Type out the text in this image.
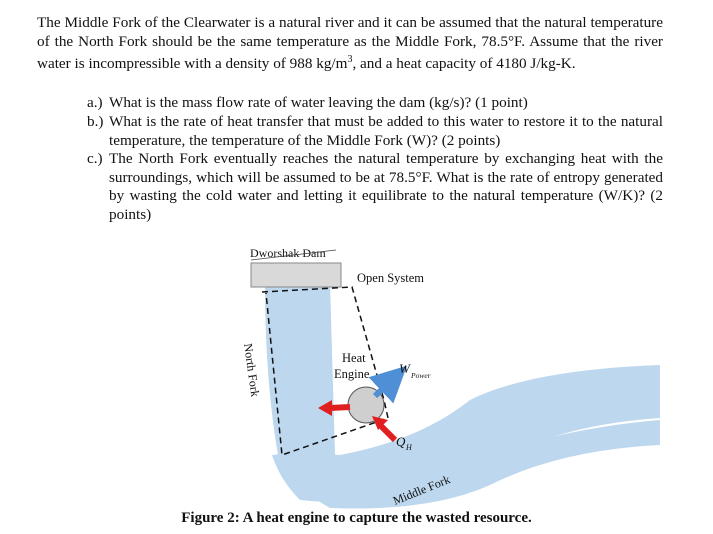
The Middle Fork of the Clearwater is a natural river and it can be assumed that the natural temperature of the North Fork should be the same temperature as the Middle Fork, 78.5°F. Assume that the river water is incompressible with a density of 988 $kg/m^3$, and a heat capacity of 4180 J/kg-K.

a.) What is the mass flow rate of water leaving the dam (kg/s)? (1 point)
b.) What is the rate of heat transfer that must be added to this water to restore it to the natural temperature, the temperature of the Middle Fork (W)? (2 points)
c.) The North Fork eventually reaches the natural temperature by exchanging heat with the surroundings, which will be assumed to be at 78.5°F. What is the rate of entropy generated by wasting the cold water and letting it equilibrate to the natural temperature (W/K)? (2 points)
Dworshak Dam
Open System
Heat
Engine W Power
Q H
North Fork
Middle Fork
Figure 2: A heat engine to capture the wasted resource.
